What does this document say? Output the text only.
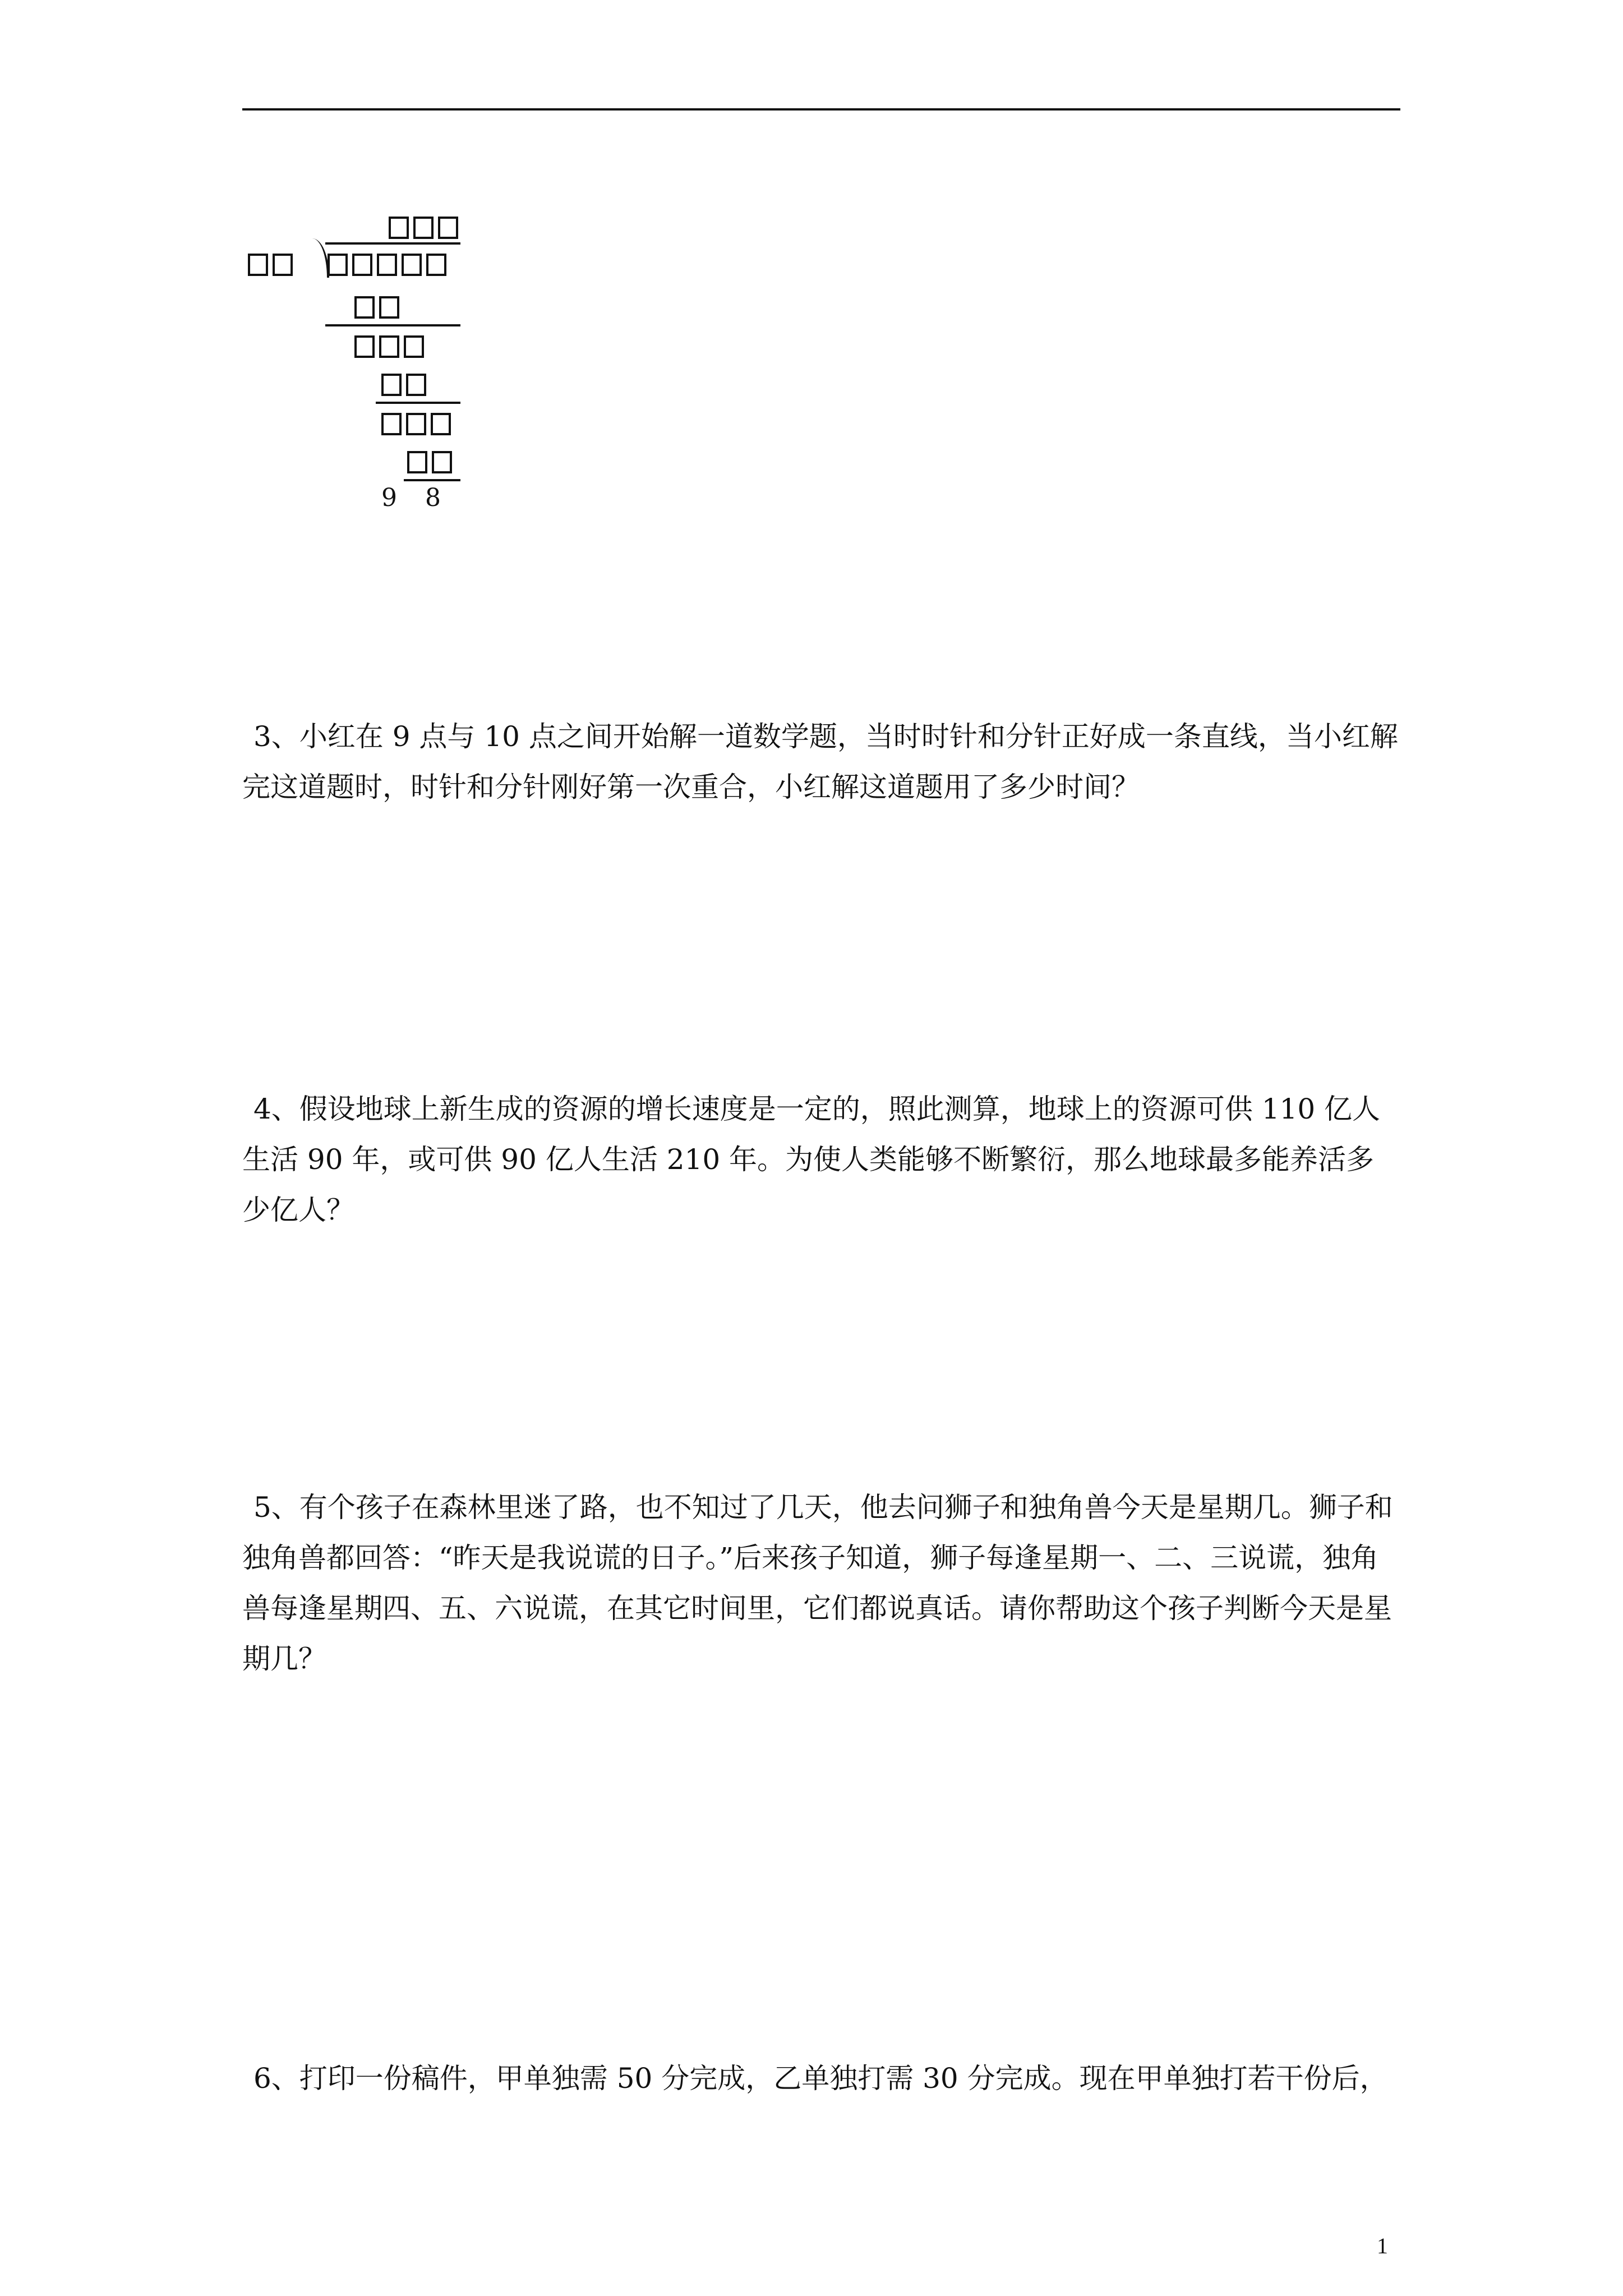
9 8
3、小红在 9 点与 10 点之间开始解一道数学题，当时时针和分针正好成一条直线，当小红解完这道题时，时针和分针刚好第一次重合，小红解这道题用了多少时间？
4、假设地球上新生成的资源的增长速度是一定的，照此测算，地球上的资源可供 110 亿人生活 90 年，或可供 90 亿人生活 210 年。为使人类能够不断繁衍，那么地球最多能养活多少亿人？
5、有个孩子在森林里迷了路，也不知过了几天，他去问狮子和独角兽今天是星期几。狮子和独角兽都回答：“昨天是我说谎的日子。”后来孩子知道，狮子每逢星期一、二、三说谎，独角兽每逢星期四、五、六说谎，在其它时间里，它们都说真话。请你帮助这个孩子判断今天是星期几？
6、打印一份稿件，甲单独需 50 分完成，乙单独打需 30 分完成。现在甲单独打若干份后，
1
